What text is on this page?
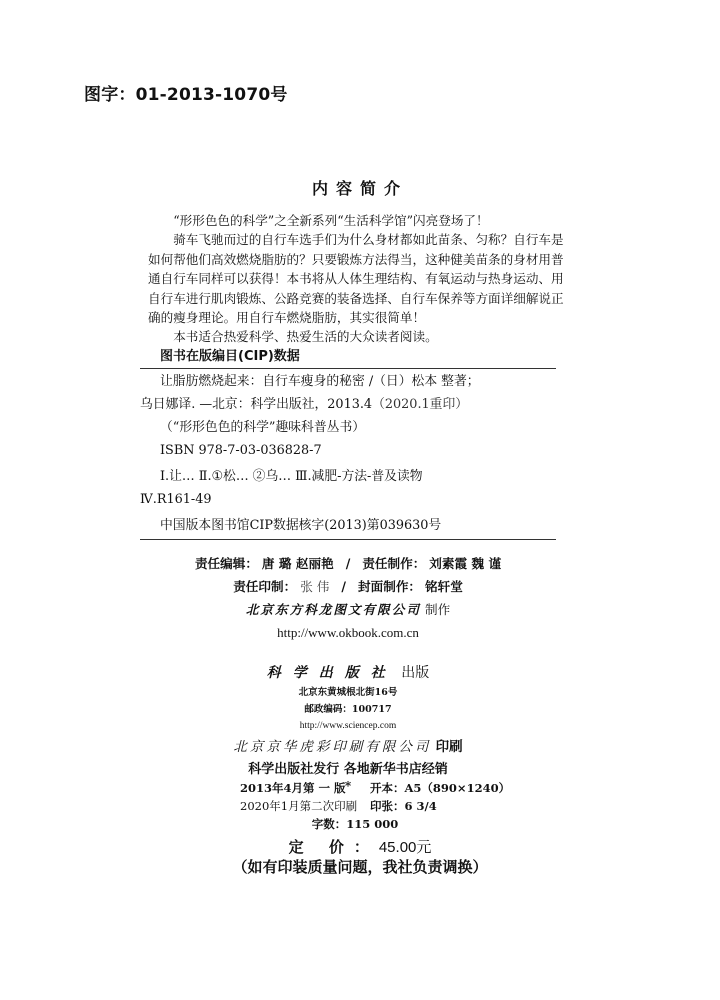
图字：01-2013-1070号
内容简介

“形形色色的科学”之全新系列“生活科学馆”闪亮登场了！

骑车飞驰而过的自行车选手们为什么身材都如此苗条、匀称？自行车是如何帮他们高效燃烧脂肪的？只要锻炼方法得当，这种健美苗条的身材用普通自行车同样可以获得！本书将从人体生理结构、有氧运动与热身运动、用自行车进行肌肉锻炼、公路竞赛的装备选择、自行车保养等方面详细解说正确的瘦身理论。用自行车燃烧脂肪，其实很简单！

本书适合热爱科学、热爱生活的大众读者阅读。

图书在版编目(CIP)数据
让脂肪燃烧起来：自行车瘦身的秘密 /（日）松本 整著；
乌日娜译. —北京：科学出版社，2013.4（2020.1重印）
（“形形色色的科学”趣味科普丛书）
ISBN 978-7-03-036828-7
Ⅰ.让… Ⅱ.①松… ②乌… Ⅲ.减肥-方法-普及读物
Ⅳ.R161-49
中国版本图书馆CIP数据核字(2013)第039630号
责任编辑： 唐 璐 赵丽艳 / 责任制作： 刘素霞 魏 谨
责任印制： 张 伟 / 封面制作： 铭轩堂
北京东方科龙图文有限公司 制作
http://www.okbook.com.cn
科学出版社 出版
北京东黄城根北街16号
邮政编码：100717
http://www.sciencep.com
北京京华虎彩印刷有限公司 印刷
科学出版社发行 各地新华书店经销
*
2013年4月第 一 版 开本：A5（890×1240）
2020年1月第二次印刷 印张：6 3/4
字数：115 000
定 价：45.00元
（如有印装质量问题，我社负责调换）
